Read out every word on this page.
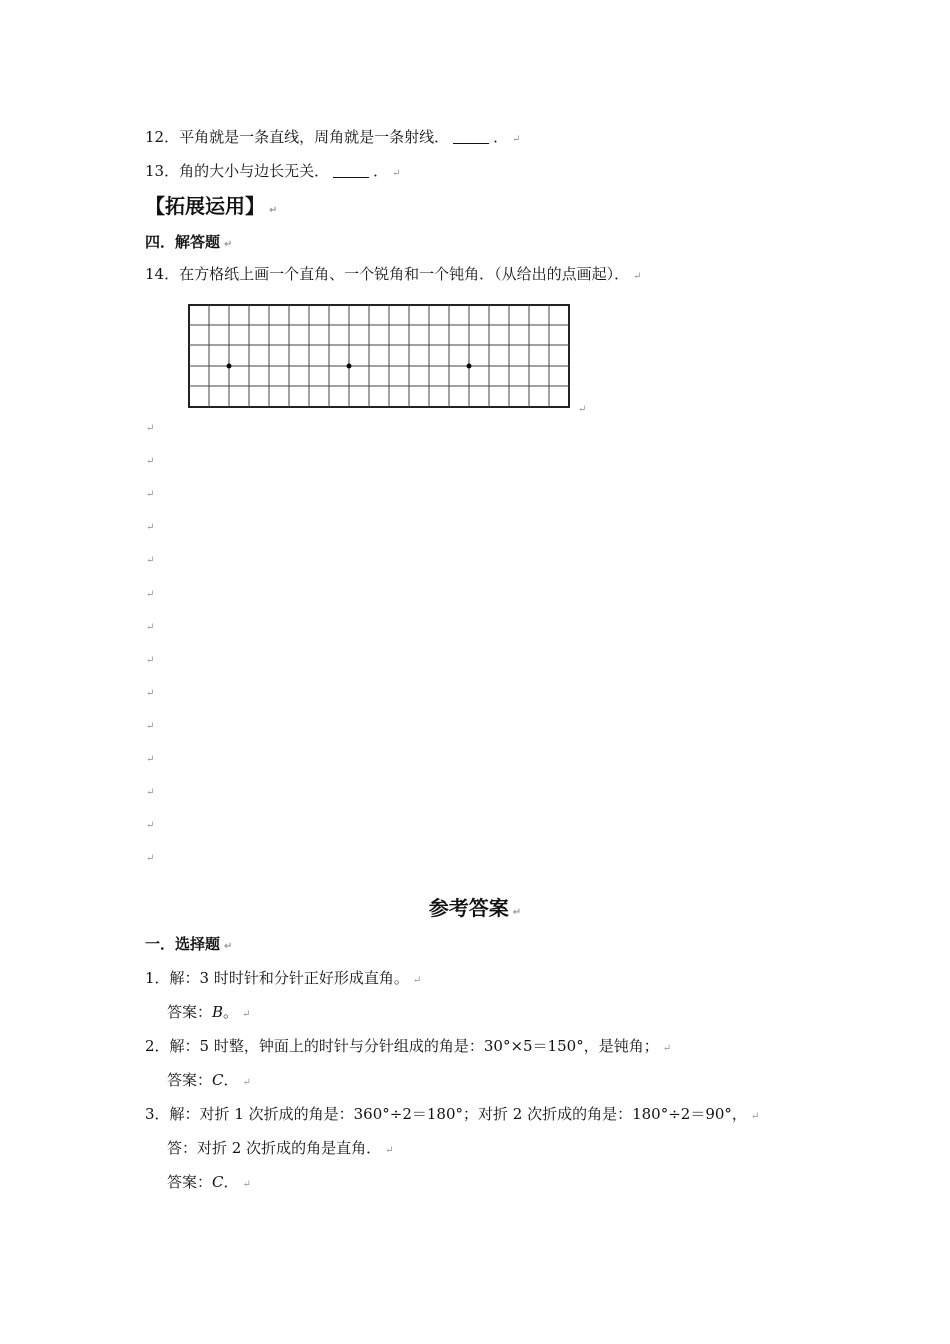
12．平角就是一条直线，周角就是一条射线．	． ↵
13．角的大小与边长无关．	． ↵
【拓展运用】 ↵
四．解答题 ↵
14．在方格纸上画一个直角、一个锐角和一个钝角．（从给出的点画起）． ↵
↵
↵
↵
↵
↵
↵
↵
↵
↵
↵
↵
↵
↵
↵
↵
参考答案 ↵
一．选择题 ↵
1．解：3 时时针和分针正好形成直角。 ↵
答案：B。 ↵
2．解：5 时整，钟面上的时针与分针组成的角是：30°×5＝150°，是钝角； ↵
答案：C． ↵
3．解：对折 1 次折成的角是：360°÷2＝180°；对折 2 次折成的角是：180°÷2＝90°， ↵
答：对折 2 次折成的角是直角． ↵
答案：C． ↵
